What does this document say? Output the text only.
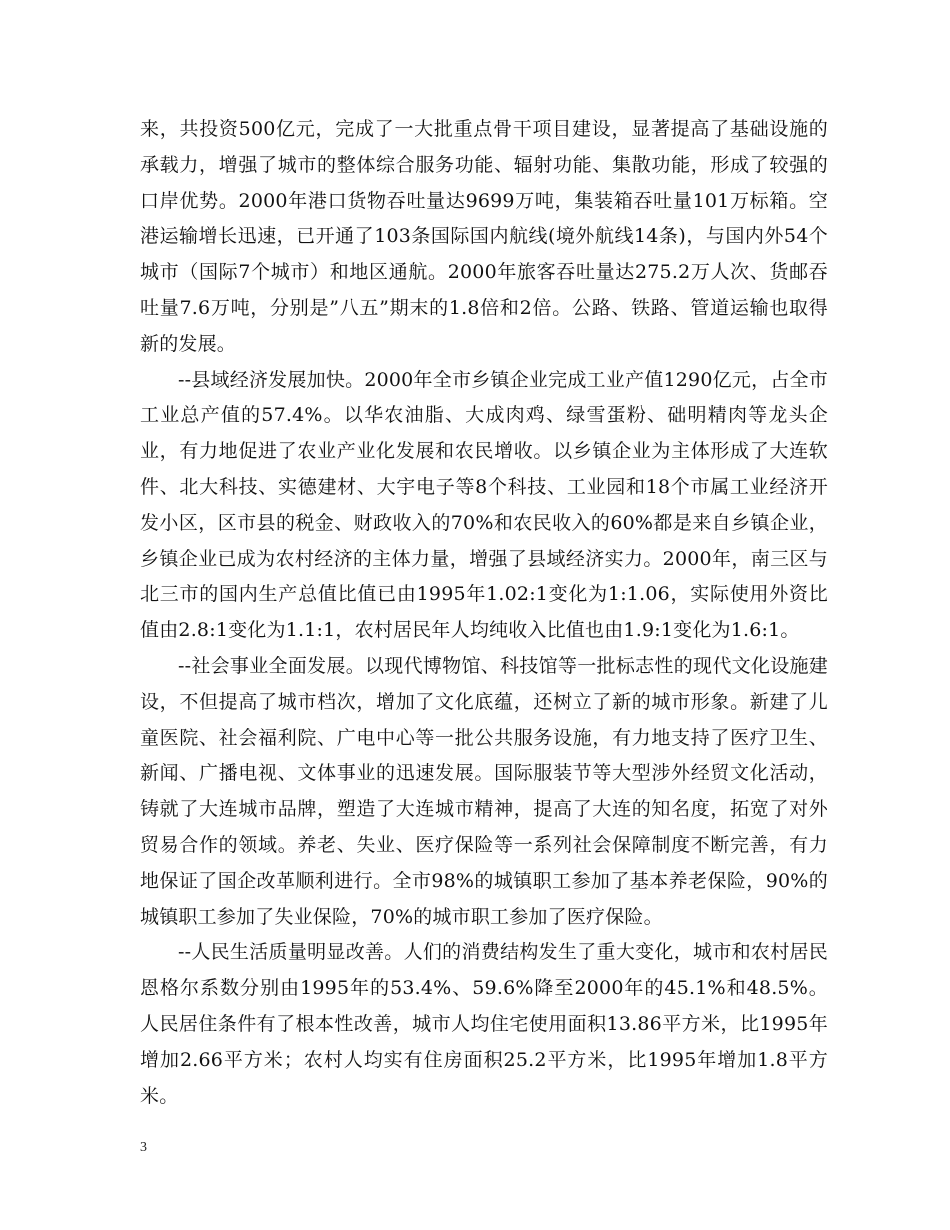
来，共投资500亿元，完成了一大批重点骨干项目建设，显著提高了基础设施的承载力，增强了城市的整体综合服务功能、辐射功能、集散功能，形成了较强的口岸优势。2000年港口货物吞吐量达9699万吨，集装箱吞吐量101万标箱。空港运输增长迅速，已开通了103条国际国内航线(境外航线14条)，与国内外54个城市（国际7个城市）和地区通航。2000年旅客吞吐量达275.2万人次、货邮吞吐量7.6万吨，分别是”八五”期末的1.8倍和2倍。公路、铁路、管道运输也取得新的发展。

--县域经济发展加快。2000年全市乡镇企业完成工业产值1290亿元，占全市工业总产值的57.4%。以华农油脂、大成肉鸡、绿雪蛋粉、础明精肉等龙头企业，有力地促进了农业产业化发展和农民增收。以乡镇企业为主体形成了大连软件、北大科技、实德建材、大宇电子等8个科技、工业园和18个市属工业经济开发小区，区市县的税金、财政收入的70%和农民收入的60%都是来自乡镇企业，乡镇企业已成为农村经济的主体力量，增强了县域经济实力。2000年，南三区与北三市的国内生产总值比值已由1995年1.02:1变化为1:1.06，实际使用外资比值由2.8:1变化为1.1:1，农村居民年人均纯收入比值也由1.9:1变化为1.6:1。

--社会事业全面发展。以现代博物馆、科技馆等一批标志性的现代文化设施建设，不但提高了城市档次，增加了文化底蕴，还树立了新的城市形象。新建了儿童医院、社会福利院、广电中心等一批公共服务设施，有力地支持了医疗卫生、新闻、广播电视、文体事业的迅速发展。国际服装节等大型涉外经贸文化活动，铸就了大连城市品牌，塑造了大连城市精神，提高了大连的知名度，拓宽了对外贸易合作的领域。养老、失业、医疗保险等一系列社会保障制度不断完善，有力地保证了国企改革顺利进行。全市98%的城镇职工参加了基本养老保险，90%的城镇职工参加了失业保险，70%的城市职工参加了医疗保险。

--人民生活质量明显改善。人们的消费结构发生了重大变化，城市和农村居民恩格尔系数分别由1995年的53.4%、59.6%降至2000年的45.1%和48.5%。人民居住条件有了根本性改善，城市人均住宅使用面积13.86平方米，比1995年增加2.66平方米；农村人均实有住房面积25.2平方米，比1995年增加1.8平方米。

3
